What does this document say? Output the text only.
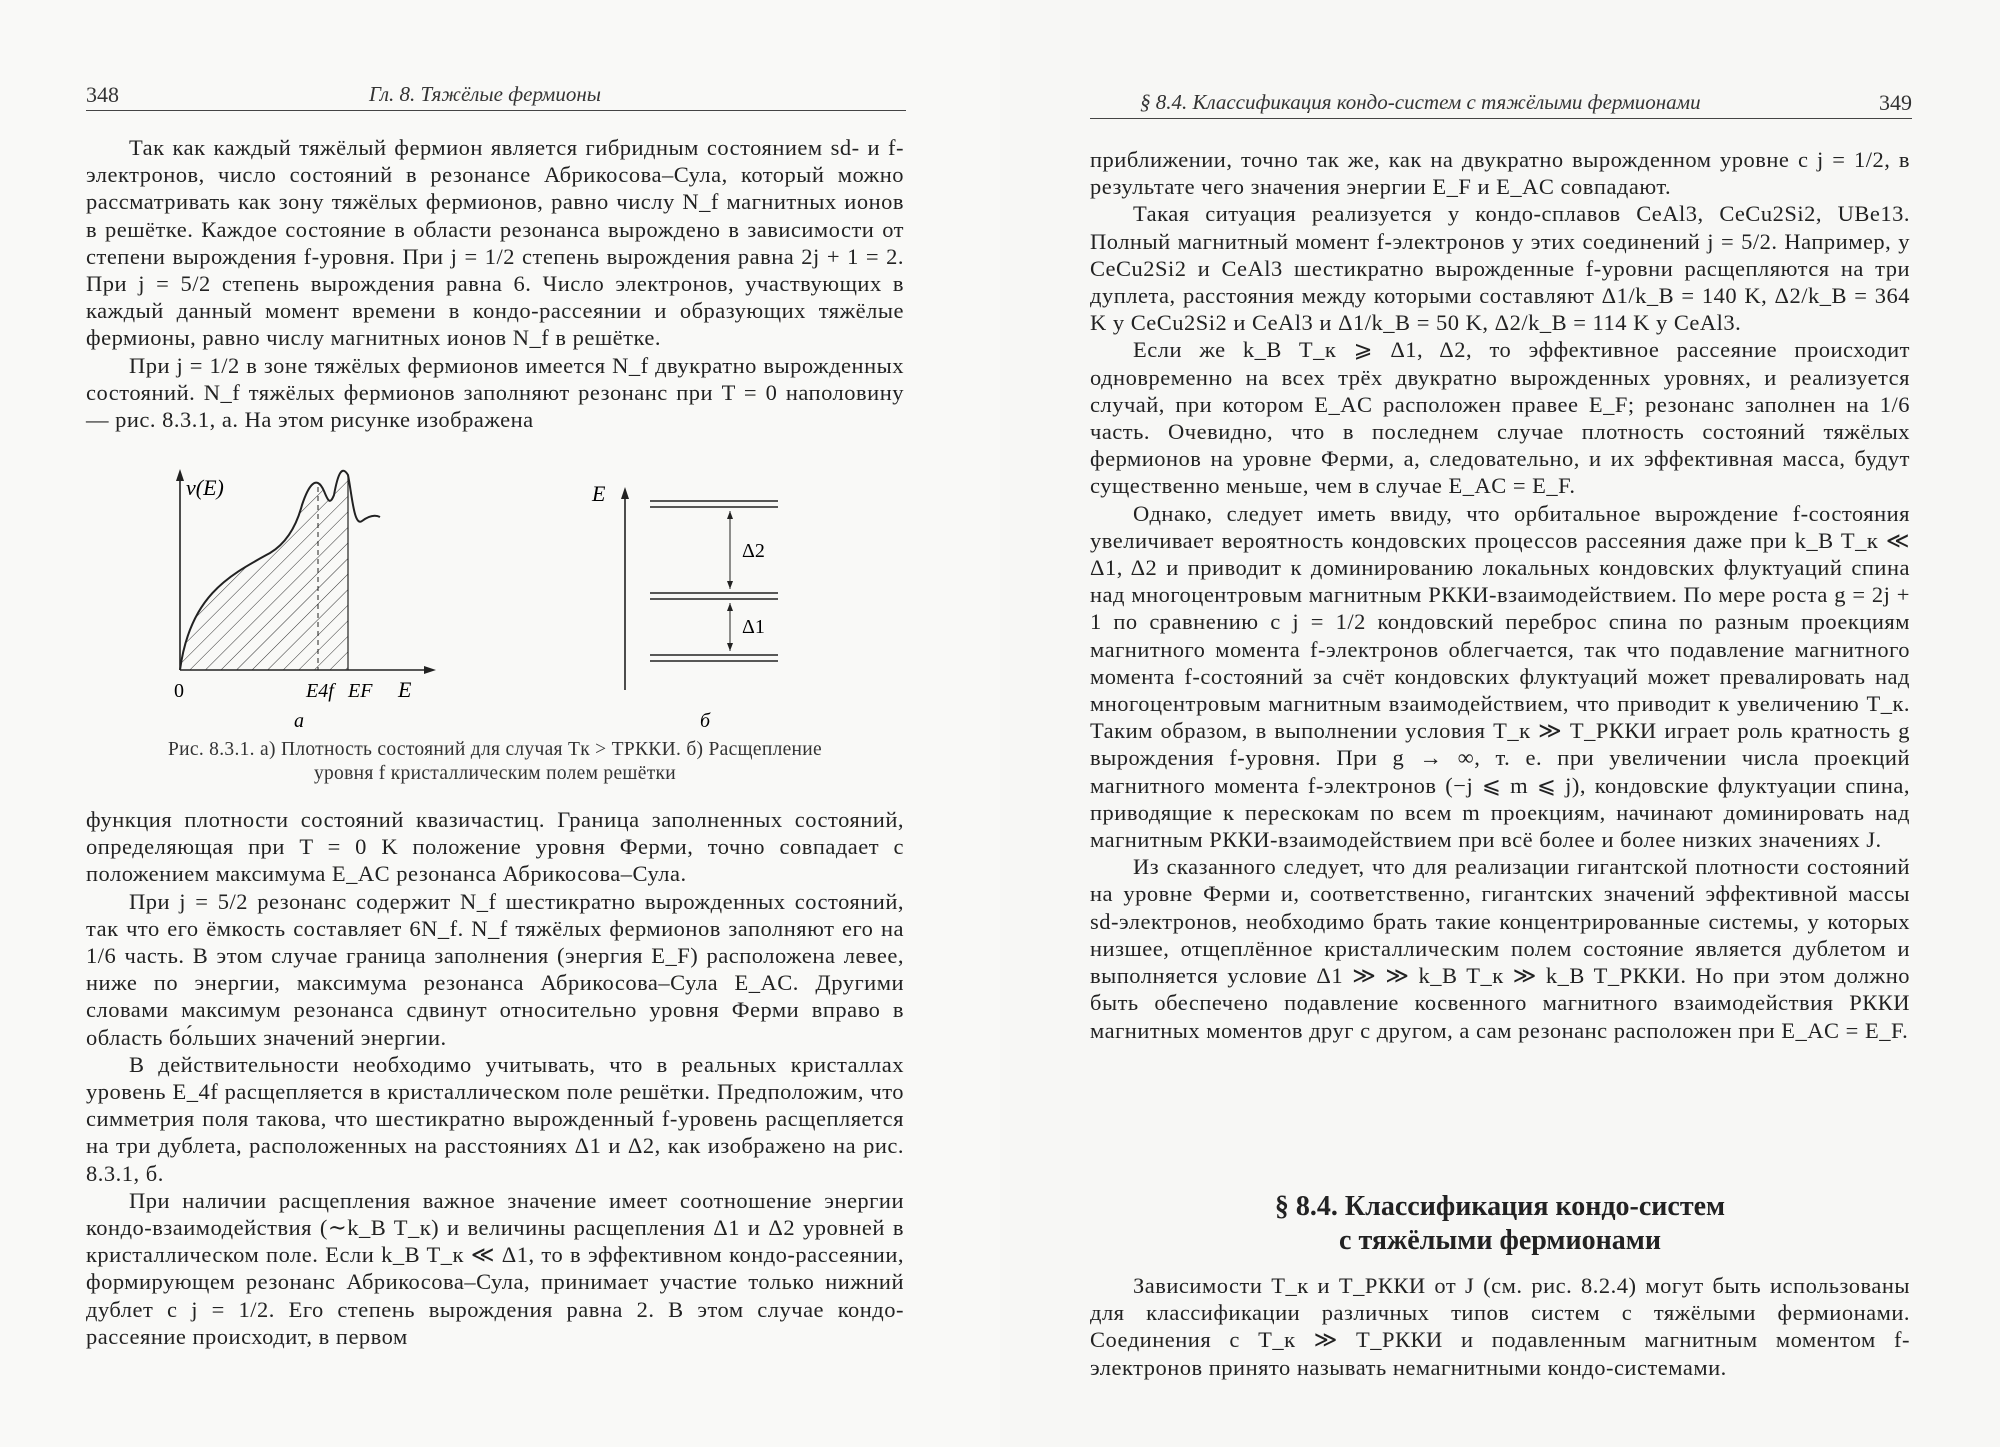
348	Гл. 8. Тяжёлые фермионы

Так как каждый тяжёлый фермион является гибридным состоянием sd- и f-электронов, число состояний в резонансе Абрикосова–Сула, который можно рассматривать как зону тяжёлых фермионов, равно числу N_f магнитных ионов в решётке. Каждое состояние в области резонанса вырождено в зависимости от степени вырождения f-уровня. При j = 1/2 степень вырождения равна 2j + 1 = 2. При j = 5/2 степень вырождения равна 6. Число электронов, участвующих в каждый данный момент времени в кондо-рассеянии и образующих тяжёлые фермионы, равно числу магнитных ионов N_f в решётке.

При j = 1/2 в зоне тяжёлых фермионов имеется N_f двукратно вырожденных состояний. N_f тяжёлых фермионов заполняют резонанс при T = 0 наполовину — рис. 8.3.1, а. На этом рисунке изображена

ν(E)
0	E4f EF E
а
E
Δ2
Δ1
б
Рис. 8.3.1. а) Плотность состояний для случая Tк > TРККИ. б) Расщепление
уровня f кристаллическим полем решётки

функция плотности состояний квазичастиц. Граница заполненных состояний, определяющая при T = 0 K положение уровня Ферми, точно совпадает с положением максимума E_AC резонанса Абрикосова–Сула.

При j = 5/2 резонанс содержит N_f шестикратно вырожденных состояний, так что его ёмкость составляет 6N_f. N_f тяжёлых фермионов заполняют его на 1/6 часть. В этом случае граница заполнения (энергия E_F) расположена левее, ниже по энергии, максимума резонанса Абрикосова–Сула E_AC. Другими словами максимум резонанса сдвинут относительно уровня Ферми вправо в область бо́льших значений энергии.

В действительности необходимо учитывать, что в реальных кристаллах уровень E_4f расщепляется в кристаллическом поле решётки. Предположим, что симметрия поля такова, что шестикратно вырожденный f-уровень расщепляется на три дублета, расположенных на расстояниях Δ1 и Δ2, как изображено на рис. 8.3.1, б.

При наличии расщепления важное значение имеет соотношение энергии кондо-взаимодействия (∼k_B T_к) и величины расщепления Δ1 и Δ2 уровней в кристаллическом поле. Если k_B T_к ≪ Δ1, то в эффективном кондо-рассеянии, формирующем резонанс Абрикосова–Сула, принимает участие только нижний дублет с j = 1/2. Его степень вырождения равна 2. В этом случае кондо-рассеяние происходит, в первом

§ 8.4. Классификация кондо-систем с тяжёлыми фермионами	349

приближении, точно так же, как на двукратно вырожденном уровне с j = 1/2, в результате чего значения энергии E_F и E_AC совпадают.

Такая ситуация реализуется у кондо-сплавов CeAl3, CeCu2Si2, UBe13. Полный магнитный момент f-электронов у этих соединений j = 5/2. Например, у CeCu2Si2 и CeAl3 шестикратно вырожденные f-уровни расщепляются на три дуплета, расстояния между которыми составляют Δ1/k_B = 140 K, Δ2/k_B = 364 K у CeCu2Si2 и CeAl3 и Δ1/k_B = 50 K, Δ2/k_B = 114 K у CeAl3.

Если же k_B T_к ⩾ Δ1, Δ2, то эффективное рассеяние происходит одновременно на всех трёх двукратно вырожденных уровнях, и реализуется случай, при котором E_AC расположен правее E_F; резонанс заполнен на 1/6 часть. Очевидно, что в последнем случае плотность состояний тяжёлых фермионов на уровне Ферми, а, следовательно, и их эффективная масса, будут существенно меньше, чем в случае E_AC = E_F.

Однако, следует иметь ввиду, что орбитальное вырождение f-состояния увеличивает вероятность кондовских процессов рассеяния даже при k_B T_к ≪ Δ1, Δ2 и приводит к доминированию локальных кондовских флуктуаций спина над многоцентровым магнитным РККИ-взаимодействием. По мере роста g = 2j + 1 по сравнению с j = 1/2 кондовский переброс спина по разным проекциям магнитного момента f-электронов облегчается, так что подавление магнитного момента f-состояний за счёт кондовских флуктуаций может превалировать над многоцентровым магнитным взаимодействием, что приводит к увеличению T_к. Таким образом, в выполнении условия T_к ≫ T_РККИ играет роль кратность g вырождения f-уровня. При g → ∞, т. е. при увеличении числа проекций магнитного момента f-электронов (−j ⩽ m ⩽ j), кондовские флуктуации спина, приводящие к перескокам по всем m проекциям, начинают доминировать над магнитным РККИ-взаимодействием при всё более и более низких значениях J.

Из сказанного следует, что для реализации гигантской плотности состояний на уровне Ферми и, соответственно, гигантских значений эффективной массы sd-электронов, необходимо брать такие концентрированные системы, у которых низшее, отщеплённое кристаллическим полем состояние является дублетом и выполняется условие Δ1 ≫ ≫ k_B T_к ≫ k_B T_РККИ. Но при этом должно быть обеспечено подавление косвенного магнитного взаимодействия РККИ магнитных моментов друг с другом, а сам резонанс расположен при E_AC = E_F.

§ 8.4. Классификация кондо-систем
с тяжёлыми фермионами

Зависимости T_к и T_РККИ от J (см. рис. 8.2.4) могут быть использованы для классификации различных типов систем с тяжёлыми фермионами. Соединения с T_к ≫ T_РККИ и подавленным магнитным моментом f-электронов принято называть немагнитными кондо-системами.
